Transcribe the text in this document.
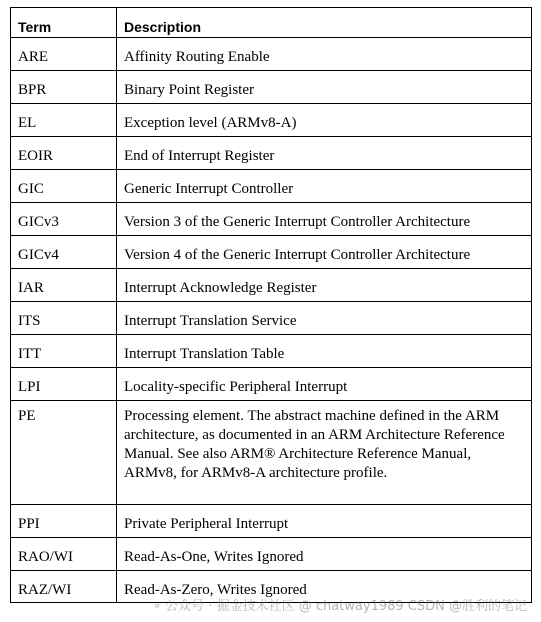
Term	Description
ARE	Affinity Routing Enable
BPR	Binary Point Register
EL	Exception level (ARMv8-A)
EOIR	End of Interrupt Register
GIC	Generic Interrupt Controller
GICv3	Version 3 of the Generic Interrupt Controller Architecture
GICv4	Version 4 of the Generic Interrupt Controller Architecture
IAR	Interrupt Acknowledge Register
ITS	Interrupt Translation Service
ITT	Interrupt Translation Table
LPI	Locality-specific Peripheral Interrupt
PE	Processing element. The abstract machine defined in the ARM architecture, as documented in an ARM Architecture Reference Manual. See also ARM® Architecture Reference Manual, ARMv8, for ARMv8-A architecture profile.
PPI	Private Peripheral Interrupt
RAO/WI	Read-As-One, Writes Ignored
RAZ/WI	Read-As-Zero, Writes Ignored
⚬ 公众号 · 掘金技术社区 @ chatway1989 CSDN @胜利的笔记
